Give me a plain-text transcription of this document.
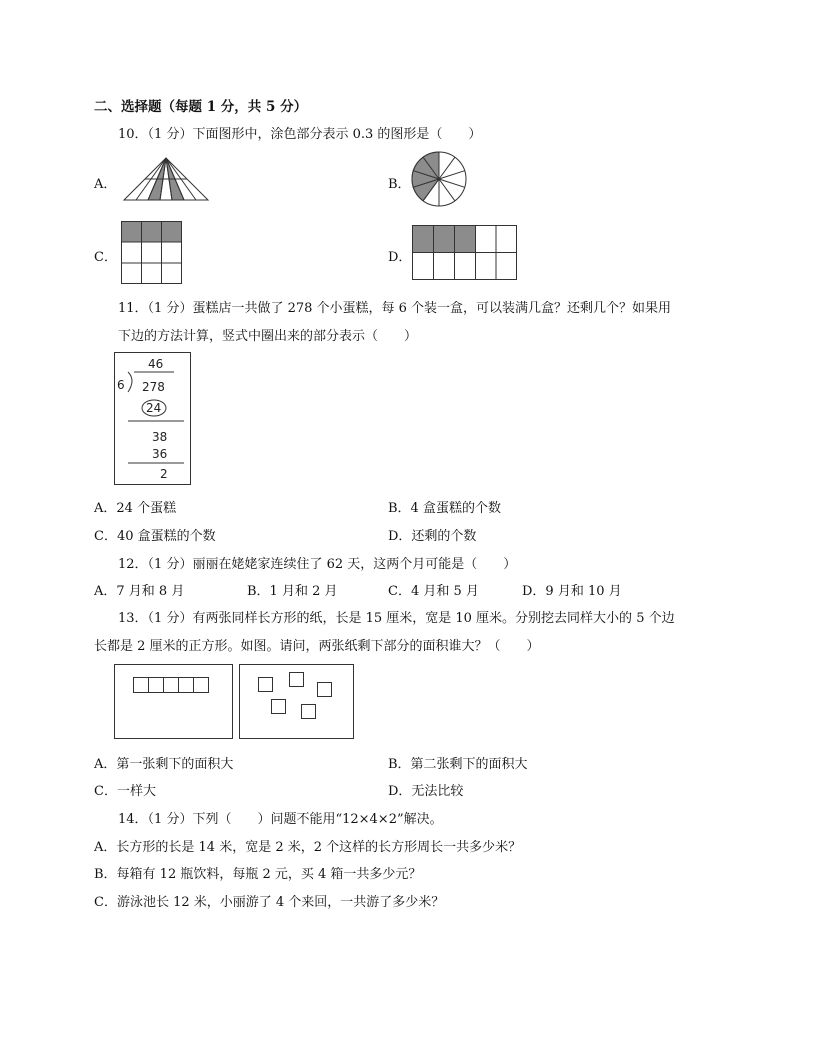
二、选择题（每题 1 分，共 5 分）
10．（1 分）下面图形中，涂色部分表示 0.3 的图形是（　　）
A．	B．
C．	D．
11．（1 分）蛋糕店一共做了 278 个小蛋糕，每 6 个装一盒，可以装满几盒？还剩几个？如果用
下边的方法计算，竖式中圈出来的部分表示（　　）
46
6 278
24
38
36
2
A．24 个蛋糕	B．4 盒蛋糕的个数
C．40 盒蛋糕的个数	D．还剩的个数
12．（1 分）丽丽在姥姥家连续住了 62 天，这两个月可能是（　　）
A．7 月和 8 月	B．1 月和 2 月	C．4 月和 5 月	D．9 月和 10 月
13．（1 分）有两张同样长方形的纸，长是 15 厘米，宽是 10 厘米。分别挖去同样大小的 5 个边
长都是 2 厘米的正方形。如图。请问，两张纸剩下部分的面积谁大？（　　）
A．第一张剩下的面积大	B．第二张剩下的面积大
C．一样大	D．无法比较
14．（1 分）下列（　　）问题不能用“12×4×2”解决。
A．长方形的长是 14 米，宽是 2 米，2 个这样的长方形周长一共多少米？
B．每箱有 12 瓶饮料，每瓶 2 元，买 4 箱一共多少元？
C．游泳池长 12 米，小丽游了 4 个来回，一共游了多少米？
